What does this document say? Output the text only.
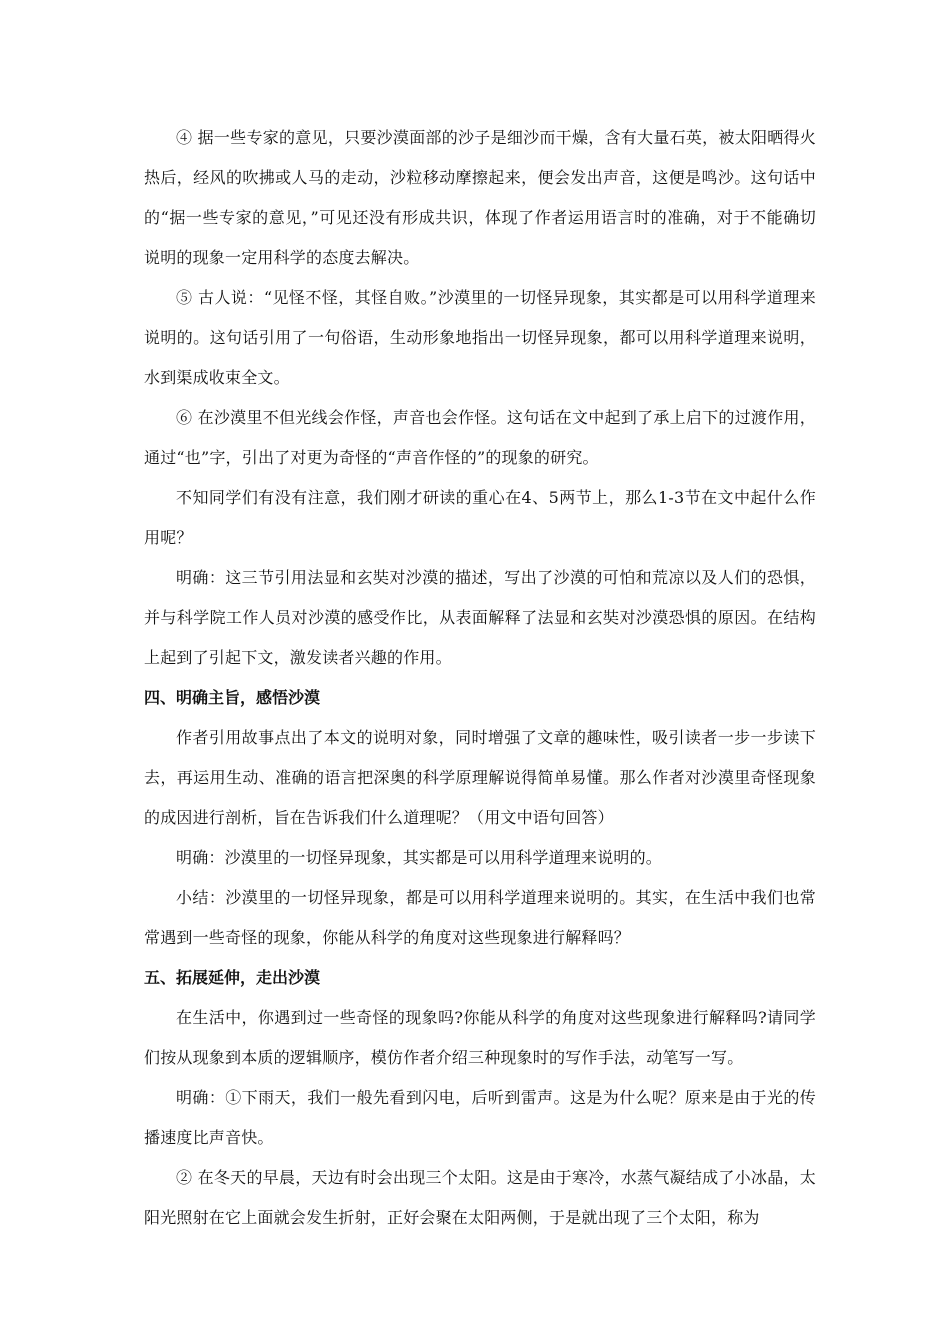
④ 据一些专家的意见，只要沙漠面部的沙子是细沙而干燥，含有大量石英，被太阳晒得火热后，经风的吹拂或人马的走动，沙粒移动摩擦起来，便会发出声音，这便是鸣沙。这句话中的“据一些专家的意见，”可见还没有形成共识，体现了作者运用语言时的准确，对于不能确切说明的现象一定用科学的态度去解决。

⑤ 古人说：“见怪不怪，其怪自败。”沙漠里的一切怪异现象，其实都是可以用科学道理来说明的。这句话引用了一句俗语，生动形象地指出一切怪异现象，都可以用科学道理来说明，水到渠成收束全文。

⑥ 在沙漠里不但光线会作怪，声音也会作怪。这句话在文中起到了承上启下的过渡作用，通过“也”字，引出了对更为奇怪的“声音作怪的”的现象的研究。

不知同学们有没有注意，我们刚才研读的重心在4、5两节上，那么1-3节在文中起什么作用呢？

明确：这三节引用法显和玄奘对沙漠的描述，写出了沙漠的可怕和荒凉以及人们的恐惧，并与科学院工作人员对沙漠的感受作比，从表面解释了法显和玄奘对沙漠恐惧的原因。在结构上起到了引起下文，激发读者兴趣的作用。

四、明确主旨，感悟沙漠

作者引用故事点出了本文的说明对象，同时增强了文章的趣味性，吸引读者一步一步读下去，再运用生动、准确的语言把深奥的科学原理解说得简单易懂。那么作者对沙漠里奇怪现象的成因进行剖析，旨在告诉我们什么道理呢？（用文中语句回答）

明确：沙漠里的一切怪异现象，其实都是可以用科学道理来说明的。

小结：沙漠里的一切怪异现象，都是可以用科学道理来说明的。其实，在生活中我们也常常遇到一些奇怪的现象，你能从科学的角度对这些现象进行解释吗？

五、拓展延伸，走出沙漠

在生活中，你遇到过一些奇怪的现象吗?你能从科学的角度对这些现象进行解释吗?请同学们按从现象到本质的逻辑顺序，模仿作者介绍三种现象时的写作手法，动笔写一写。

明确：①下雨天，我们一般先看到闪电，后听到雷声。这是为什么呢？原来是由于光的传播速度比声音快。

② 在冬天的早晨，天边有时会出现三个太阳。这是由于寒冷，水蒸气凝结成了小冰晶，太阳光照射在它上面就会发生折射，正好会聚在太阳两侧，于是就出现了三个太阳，称为
